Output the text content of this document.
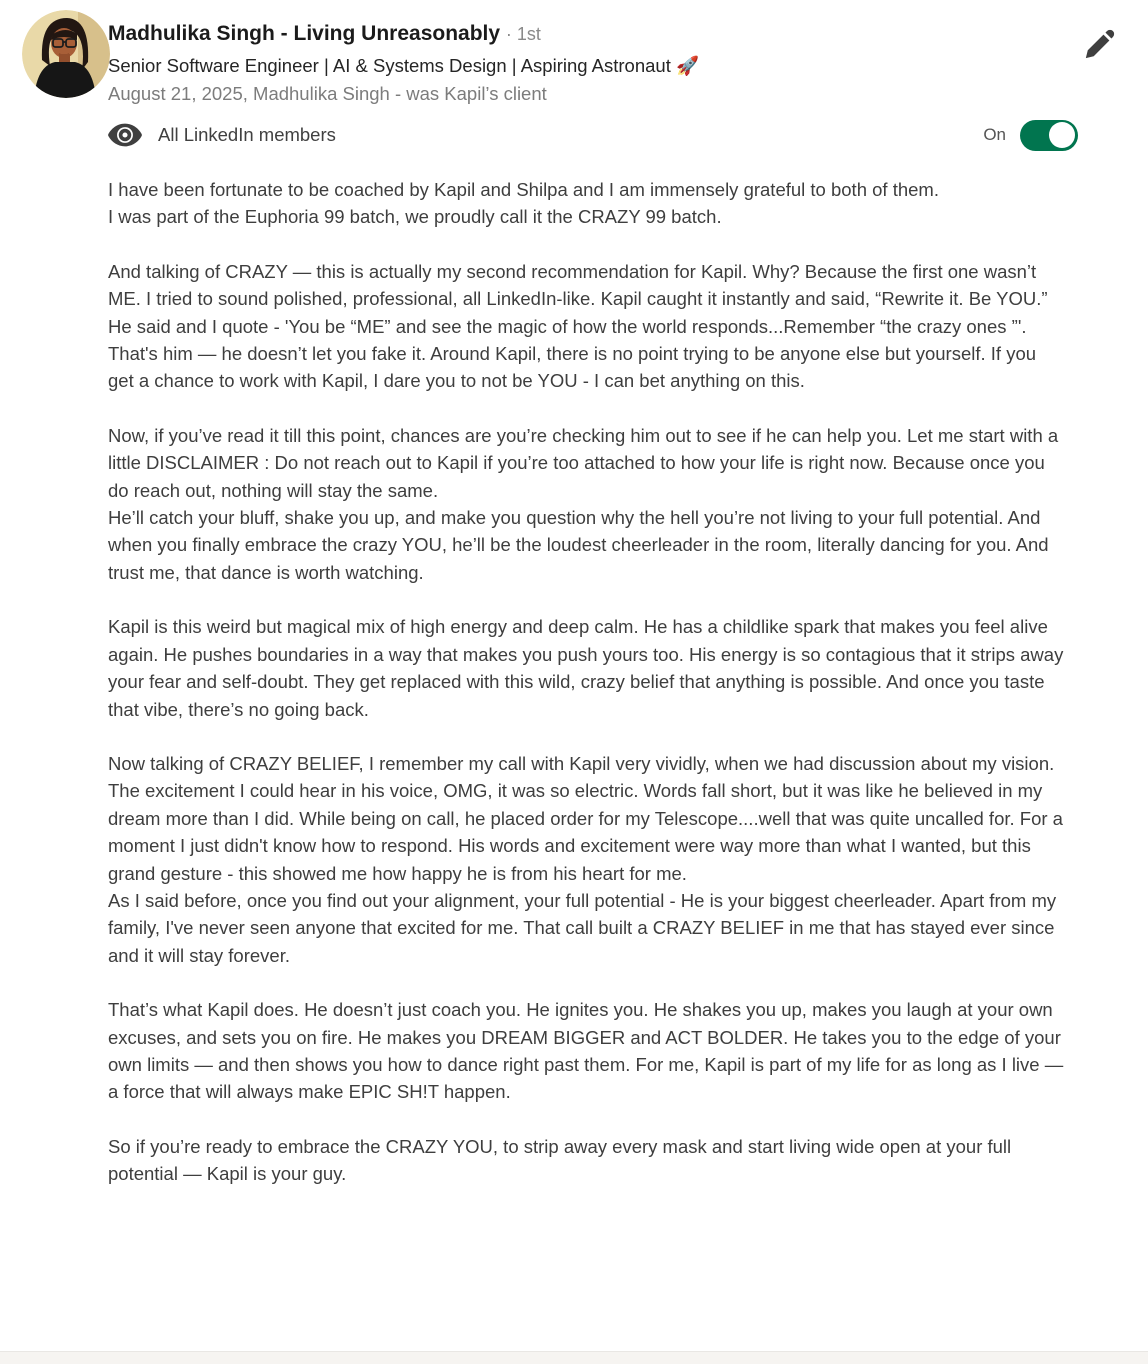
Madhulika Singh - Living Unreasonably · 1st
Senior Software Engineer | AI & Systems Design | Aspiring Astronaut 🚀
August 21, 2025, Madhulika Singh - was Kapil’s client
All LinkedIn members	On

I have been fortunate to be coached by Kapil and Shilpa and I am immensely grateful to both of them.
I was part of the Euphoria 99 batch, we proudly call it the CRAZY 99 batch.

And talking of CRAZY — this is actually my second recommendation for Kapil. Why? Because the first one wasn’t ME. I tried to sound polished, professional, all LinkedIn-like. Kapil caught it instantly and said, “Rewrite it. Be YOU.” He said and I quote - 'You be “ME” and see the magic of how the world responds...Remember “the crazy ones ”'.
That's him — he doesn’t let you fake it. Around Kapil, there is no point trying to be anyone else but yourself. If you get a chance to work with Kapil, I dare you to not be YOU - I can bet anything on this.

Now, if you’ve read it till this point, chances are you’re checking him out to see if he can help you. Let me start with a little DISCLAIMER : Do not reach out to Kapil if you’re too attached to how your life is right now. Because once you do reach out, nothing will stay the same.
He’ll catch your bluff, shake you up, and make you question why the hell you’re not living to your full potential. And when you finally embrace the crazy YOU, he’ll be the loudest cheerleader in the room, literally dancing for you. And trust me, that dance is worth watching.

Kapil is this weird but magical mix of high energy and deep calm. He has a childlike spark that makes you feel alive again. He pushes boundaries in a way that makes you push yours too. His energy is so contagious that it strips away your fear and self-doubt. They get replaced with this wild, crazy belief that anything is possible. And once you taste that vibe, there’s no going back.

Now talking of CRAZY BELIEF, I remember my call with Kapil very vividly, when we had discussion about my vision. The excitement I could hear in his voice, OMG, it was so electric. Words fall short, but it was like he believed in my dream more than I did. While being on call, he placed order for my Telescope....well that was quite uncalled for. For a moment I just didn't know how to respond. His words and excitement were way more than what I wanted, but this grand gesture - this showed me how happy he is from his heart for me.
As I said before, once you find out your alignment, your full potential - He is your biggest cheerleader. Apart from my family, I've never seen anyone that excited for me. That call built a CRAZY BELIEF in me that has stayed ever since and it will stay forever.

That’s what Kapil does. He doesn’t just coach you. He ignites you. He shakes you up, makes you laugh at your own excuses, and sets you on fire. He makes you DREAM BIGGER and ACT BOLDER. He takes you to the edge of your own limits — and then shows you how to dance right past them. For me, Kapil is part of my life for as long as I live — a force that will always make EPIC SH!T happen.

So if you’re ready to embrace the CRAZY YOU, to strip away every mask and start living wide open at your full potential — Kapil is your guy.
